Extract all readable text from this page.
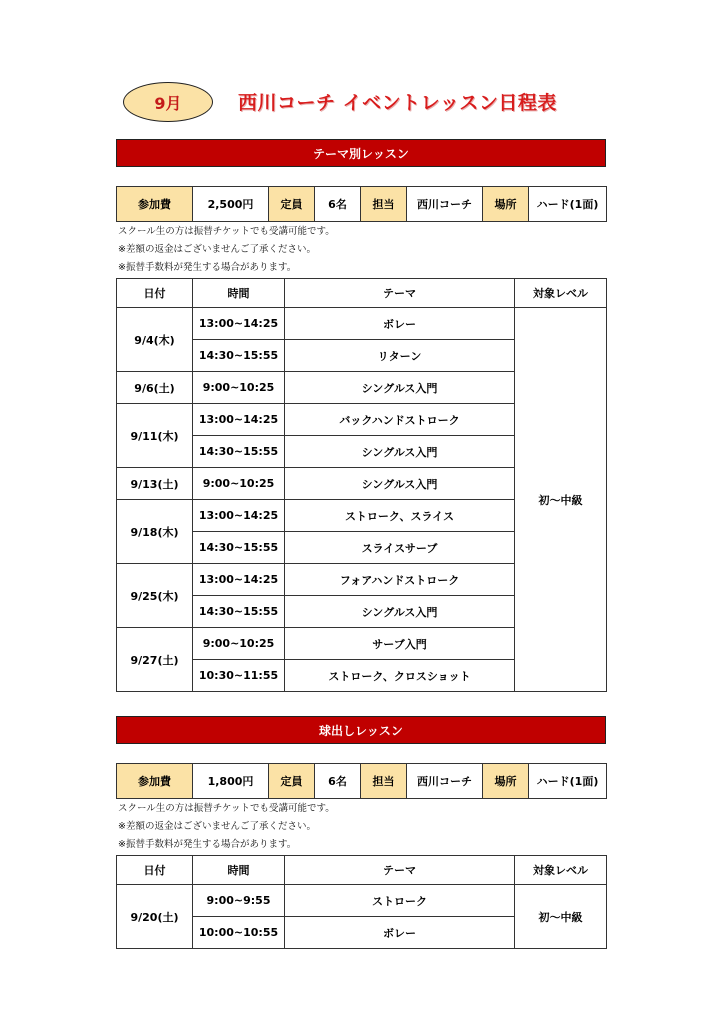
9月	西川コーチ イベントレッスン日程表
テーマ別レッスン
参加費	2,500円	定員	6名	担当	西川コーチ	場所	ハード(1面)
スクール生の方は振替チケットでも受講可能です。
※差額の返金はございませんご了承ください。
※振替手数料が発生する場合があります。
日付	時間	テーマ	対象レベル
9/4(木)	13:00~14:25	ボレー	初～中級
	14:30~15:55	リターン	
9/6(土)	9:00~10:25	シングルス入門	
9/11(木)	13:00~14:25	バックハンドストローク	
	14:30~15:55	シングルス入門	
9/13(土)	9:00~10:25	シングルス入門	
9/18(木)	13:00~14:25	ストローク、スライス	
	14:30~15:55	スライスサーブ	
9/25(木)	13:00~14:25	フォアハンドストローク	
	14:30~15:55	シングルス入門	
9/27(土)	9:00~10:25	サーブ入門	
	10:30~11:55	ストローク、クロスショット	
球出しレッスン
参加費	1,800円	定員	6名	担当	西川コーチ	場所	ハード(1面)
スクール生の方は振替チケットでも受講可能です。
※差額の返金はございませんご了承ください。
※振替手数料が発生する場合があります。
日付	時間	テーマ	対象レベル
9/20(土)	9:00~9:55	ストローク	初～中級
	10:00~10:55	ボレー	
